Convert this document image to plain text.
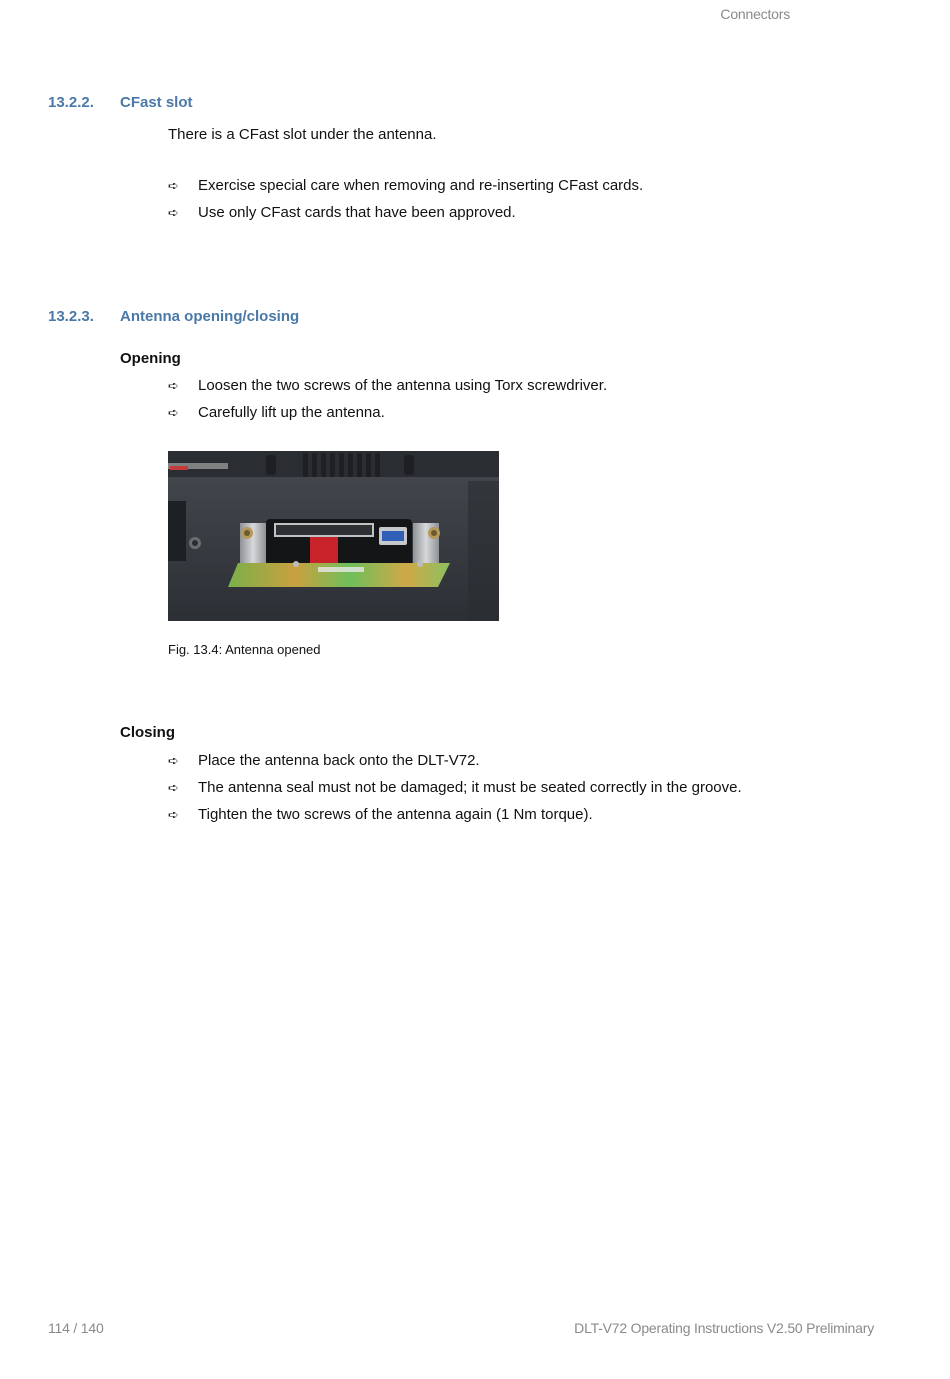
Connectors
13.2.2. CFast slot
There is a CFast slot under the antenna.
➪ Exercise special care when removing and re-inserting CFast cards.
➪ Use only CFast cards that have been approved.
13.2.3. Antenna opening/closing
Opening
➪ Loosen the two screws of the antenna using Torx screwdriver.
➪ Carefully lift up the antenna.
Fig. 13.4: Antenna opened
Closing
➪ Place the antenna back onto the DLT-V72.
➪ The antenna seal must not be damaged; it must be seated correctly in the groove.
➪ Tighten the two screws of the antenna again (1 Nm torque).
114 / 140	DLT-V72 Operating Instructions V2.50 Preliminary
